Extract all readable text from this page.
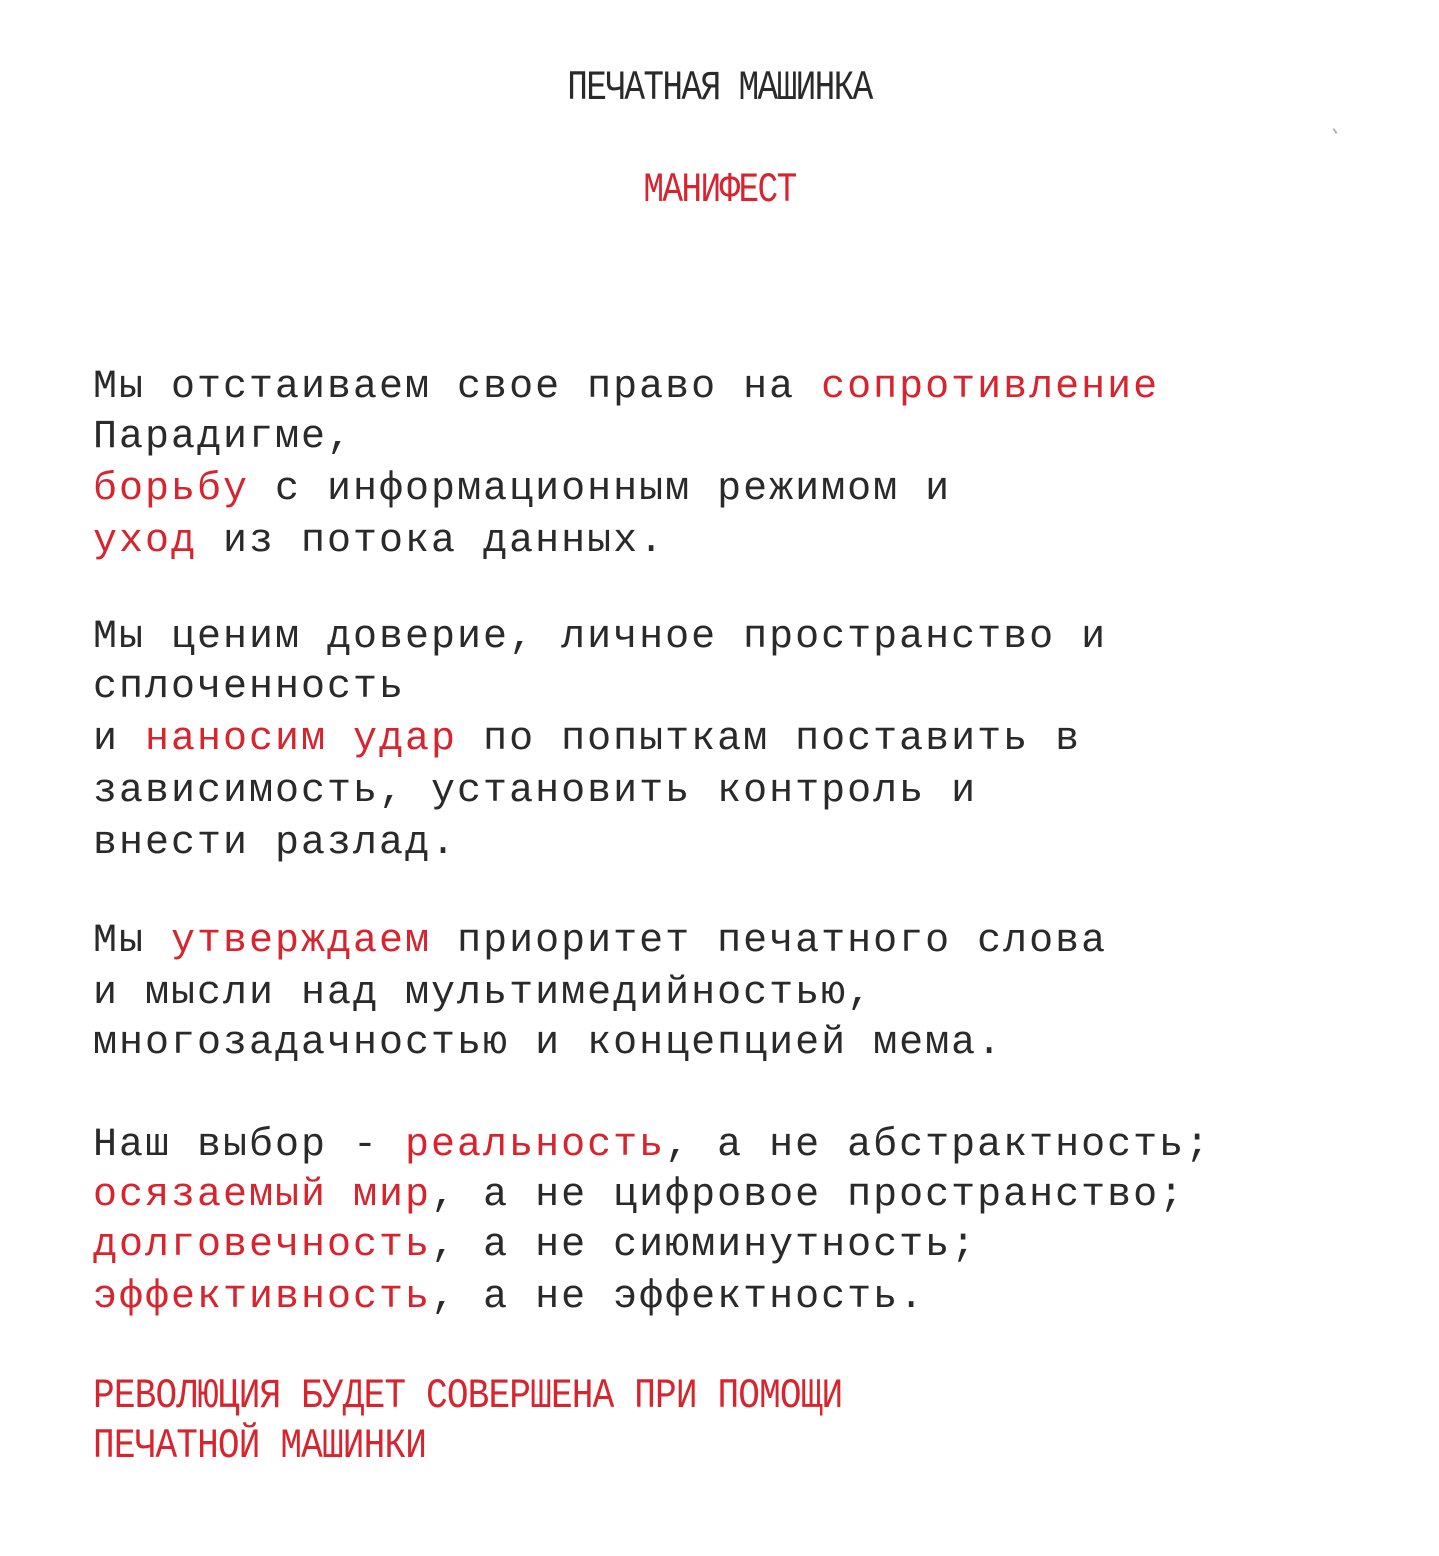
ПЕЧАТНАЯ МАШИНКА
МАНИФЕСТ

Мы отстаиваем свое право на сопротивление

Парадигме,

борьбу с информационным режимом и

уход из потока данных.

Мы ценим доверие, личное пространство и

сплоченность

и наносим удар по попыткам поставить в

зависимость, установить контроль и

внести разлад.

Мы утверждаем приоритет печатного слова

и мысли над мультимедийностью,

многозадачностью и концепцией мема.

Наш выбор - реальность, а не абстрактность;

осязаемый мир, а не цифровое пространство;

долговечность, а не сиюминутность;

эффективность, а не эффектность.

РЕВОЛЮЦИЯ БУДЕТ СОВЕРШЕНА ПРИ ПОМОЩИ

ПЕЧАТНОЙ МАШИНКИ
